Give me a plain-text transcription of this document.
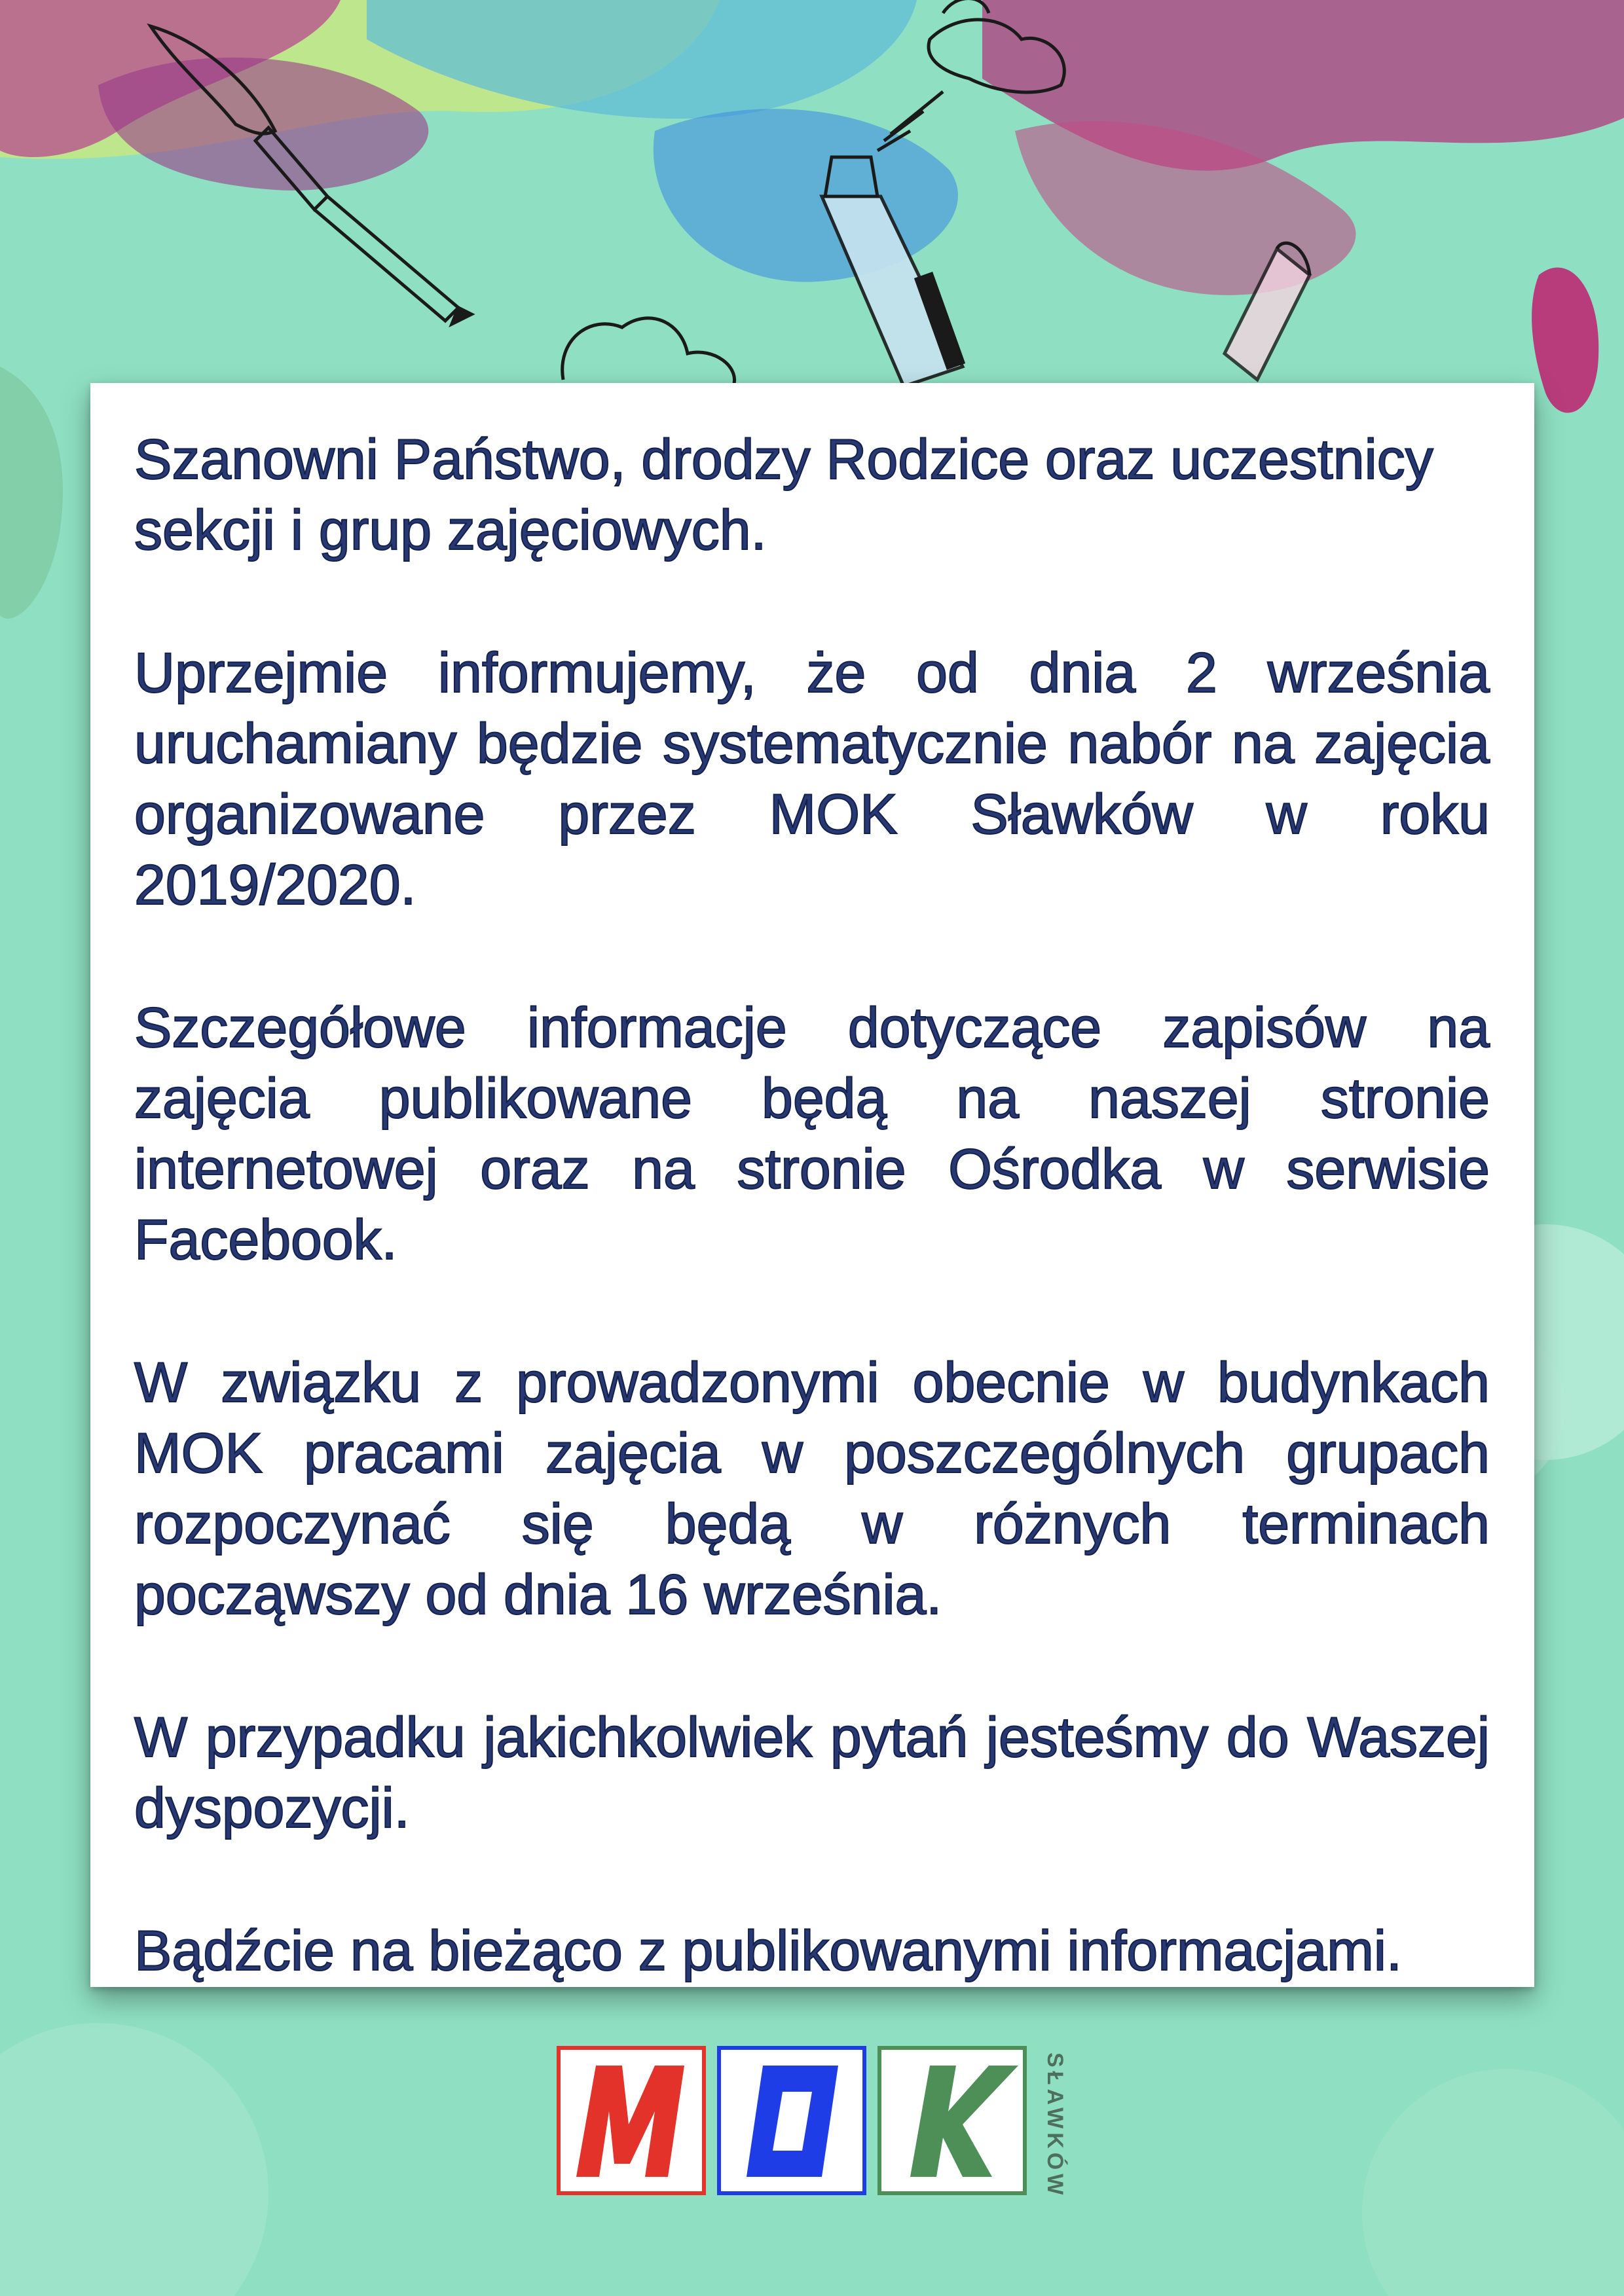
Szanowni Państwo, drodzy Rodzice oraz uczestnicy sekcji i grup zajęciowych.

Uprzejmie informujemy, że od dnia 2 września uruchamiany będzie systematycznie nabór na zajęcia organizowane przez MOK Sławków w roku 2019/2020.

Szczegółowe informacje dotyczące zapisów na zajęcia publikowane będą na naszej stronie internetowej oraz na stronie Ośrodka w serwisie Facebook.

W związku z prowadzonymi obecnie w budynkach MOK pracami zajęcia w poszczególnych grupach rozpoczynać się będą w różnych terminach począwszy od dnia 16 września.

W przypadku jakichkolwiek pytań jesteśmy do Waszej dyspozycji.

Bądźcie na bieżąco z publikowanymi informacjami.

SŁAWKÓW
